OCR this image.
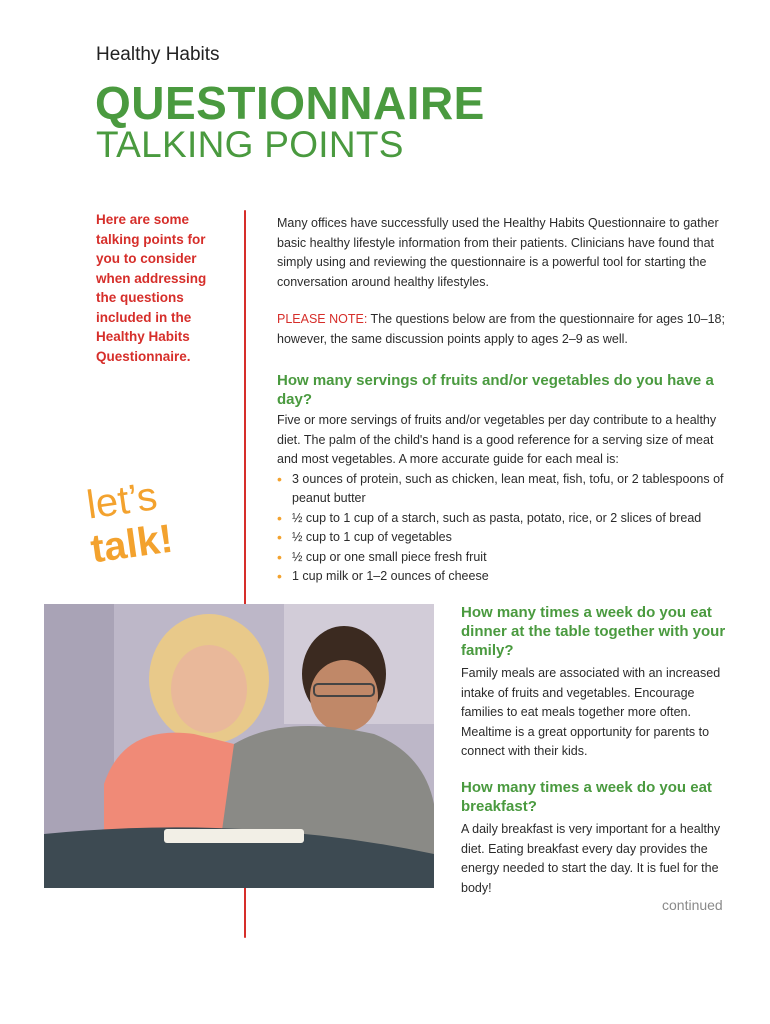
Healthy Habits
QUESTIONNAIRE
TALKING POINTS
Here are some talking points for you to consider when addressing the questions included in the Healthy Habits Questionnaire.
let’s
talk!

Many offices have successfully used the Healthy Habits Questionnaire to gather basic healthy lifestyle information from their patients. Clinicians have found that simply using and reviewing the questionnaire is a powerful tool for starting the conversation around healthy lifestyles.

PLEASE NOTE: The questions below are from the questionnaire for ages 10–18; however, the same discussion points apply to ages 2–9 as well.

How many servings of fruits and/or vegetables do you have a day?

Five or more servings of fruits and/or vegetables per day contribute to a healthy diet. The palm of the child's hand is a good reference for a serving size of meat and most vegetables. A more accurate guide for each meal is:

• 3 ounces of protein, such as chicken, lean meat, fish, tofu, or 2 tablespoons of peanut butter
• ½ cup to 1 cup of a starch, such as pasta, potato, rice, or 2 slices of bread
• ½ cup to 1 cup of vegetables
• ½ cup or one small piece fresh fruit
• 1 cup milk or 1–2 ounces of cheese
How many times a week do you eat dinner at the table together with your family?

Family meals are associated with an increased intake of fruits and vegetables. Encourage families to eat meals together more often. Mealtime is a great opportunity for parents to connect with their kids.

How many times a week do you eat breakfast?

A daily breakfast is very important for a healthy diet. Eating breakfast every day provides the energy needed to start the day. It is fuel for the body!

continued
